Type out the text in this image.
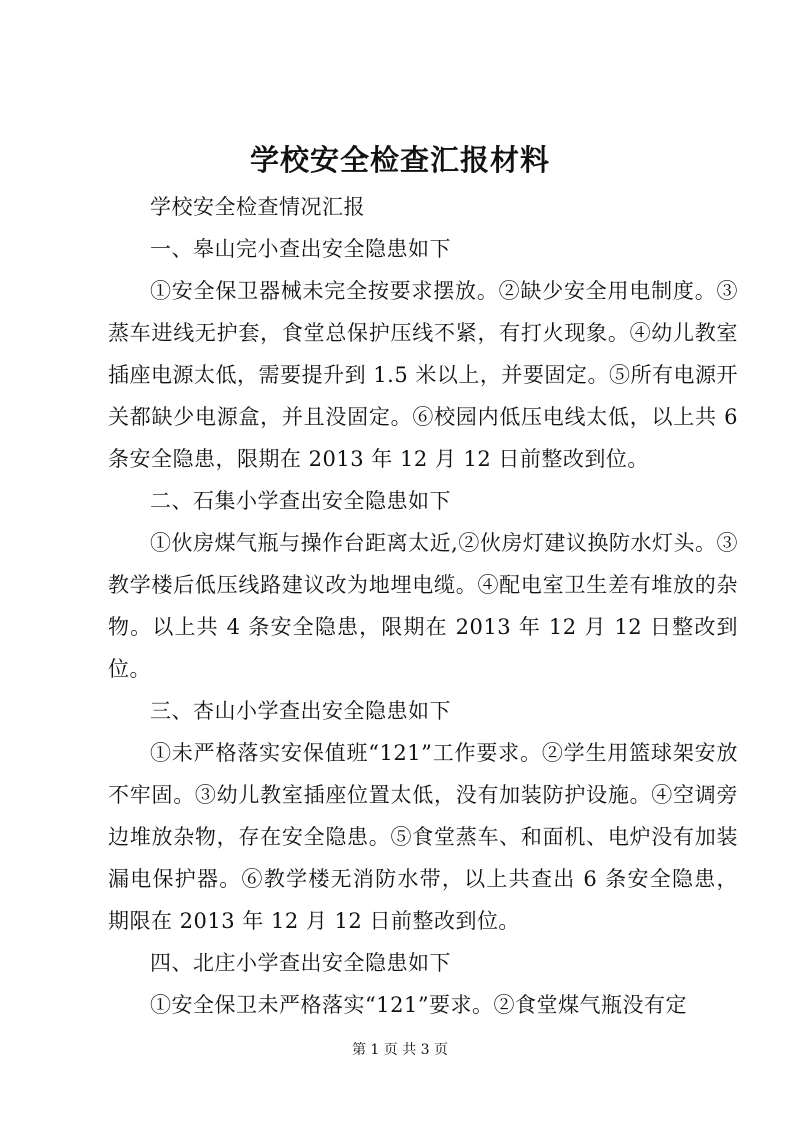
学校安全检查汇报材料

学校安全检查情况汇报

一、皋山完小查出安全隐患如下

①安全保卫器械未完全按要求摆放。②缺少安全用电制度。③蒸车进线无护套，食堂总保护压线不紧，有打火现象。④幼儿教室插座电源太低，需要提升到 1.5 米以上，并要固定。⑤所有电源开关都缺少电源盒，并且没固定。⑥校园内低压电线太低，以上共 6 条安全隐患，限期在 2013 年 12 月 12 日前整改到位。

二、石集小学查出安全隐患如下

①伙房煤气瓶与操作台距离太近,②伙房灯建议换防水灯头。③教学楼后低压线路建议改为地埋电缆。④配电室卫生差有堆放的杂物。以上共 4 条安全隐患，限期在 2013 年 12 月 12 日整改到位。

三、杏山小学查出安全隐患如下

①未严格落实安保值班“121”工作要求。②学生用篮球架安放不牢固。③幼儿教室插座位置太低，没有加装防护设施。④空调旁边堆放杂物，存在安全隐患。⑤食堂蒸车、和面机、电炉没有加装漏电保护器。⑥教学楼无消防水带，以上共查出 6 条安全隐患，期限在 2013 年 12 月 12 日前整改到位。

四、北庄小学查出安全隐患如下

①安全保卫未严格落实“121”要求。②食堂煤气瓶没有定

第 1 页 共 3 页
